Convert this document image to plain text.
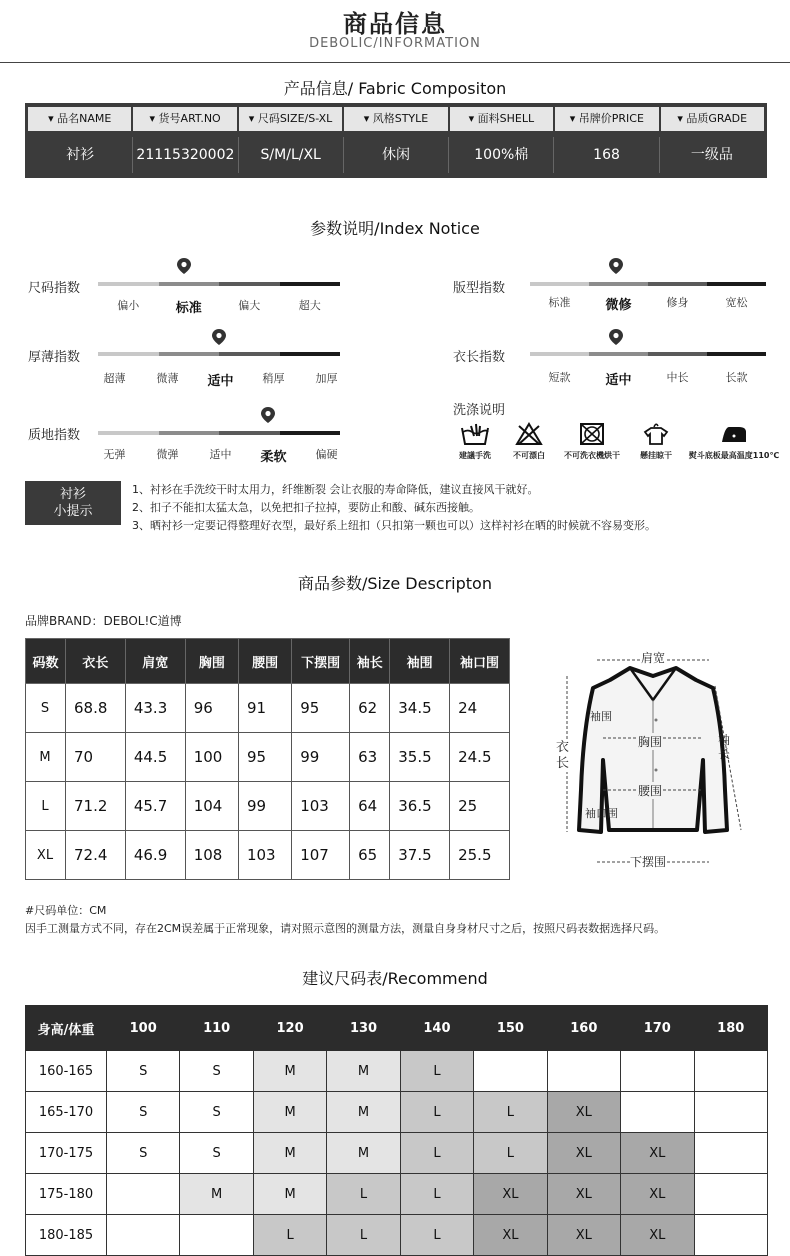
商品信息
DEBOLIC/INFORMATION
产品信息/ Fabric Compositon
▾ 品名NAME	▾ 货号ART.NO	▾ 尺码SIZE/S-XL	▾ 风格STYLE	▾ 面料SHELL	▾ 吊牌价PRICE	▾ 品质GRADE
衬衫	21115320002	S/M/L/XL	休闲	100%棉	168	一级品
参数说明/Index Notice
尺码指数
偏小	标准	偏大	超大
版型指数
标准	微修	修身	宽松
厚薄指数
超薄	微薄	适中	稍厚	加厚
衣长指数
短款	适中	中长	长款
质地指数
无弹	微弹	适中	柔软	偏硬
洗涤说明
建議手洗	不可漂白	不可洗衣機烘干	懸挂晾干	熨斗底板最高温度110℃
衬衫
小提示
1、衬衫在手洗绞干时太用力，纤维断裂 会让衣服的寿命降低，建议直接风干就好。
2、扣子不能扣太猛太急，以免把扣子拉掉，要防止和酸、碱东西接触。
3、晒衬衫一定要记得整理好衣型，最好系上纽扣（只扣第一颗也可以）这样衬衫在晒的时候就不容易变形。
商品参数/Size Descripton
品牌BRAND：DEBOL!C道博
码数	衣长	肩宽	胸围	腰围	下摆围	袖长	袖围	袖口围
S	68.8	43.3	96	91	95	62	34.5	24
M	70	44.5	100	95	99	63	35.5	24.5
L	71.2	45.7	104	99	103	64	36.5	25
XL	72.4	46.9	108	103	107	65	37.5	25.5
肩宽
袖围
胸围	袖长
衣长
腰围
袖口围
下摆围
#尺码单位：CM
因手工测量方式不同，存在2CM误差属于正常现象，请对照示意图的测量方法，测量自身身材尺寸之后，按照尺码表数据选择尺码。
建议尺码表/Recommend
身高/体重	100	110	120	130	140	150	160	170	180
160-165	S	S	M	M	L				
165-170	S	S	M	M	L	L	XL		
170-175	S	S	M	M	L	L	XL	XL	
175-180		M	M	L	L	XL	XL	XL	
180-185			L	L	L	XL	XL	XL	
